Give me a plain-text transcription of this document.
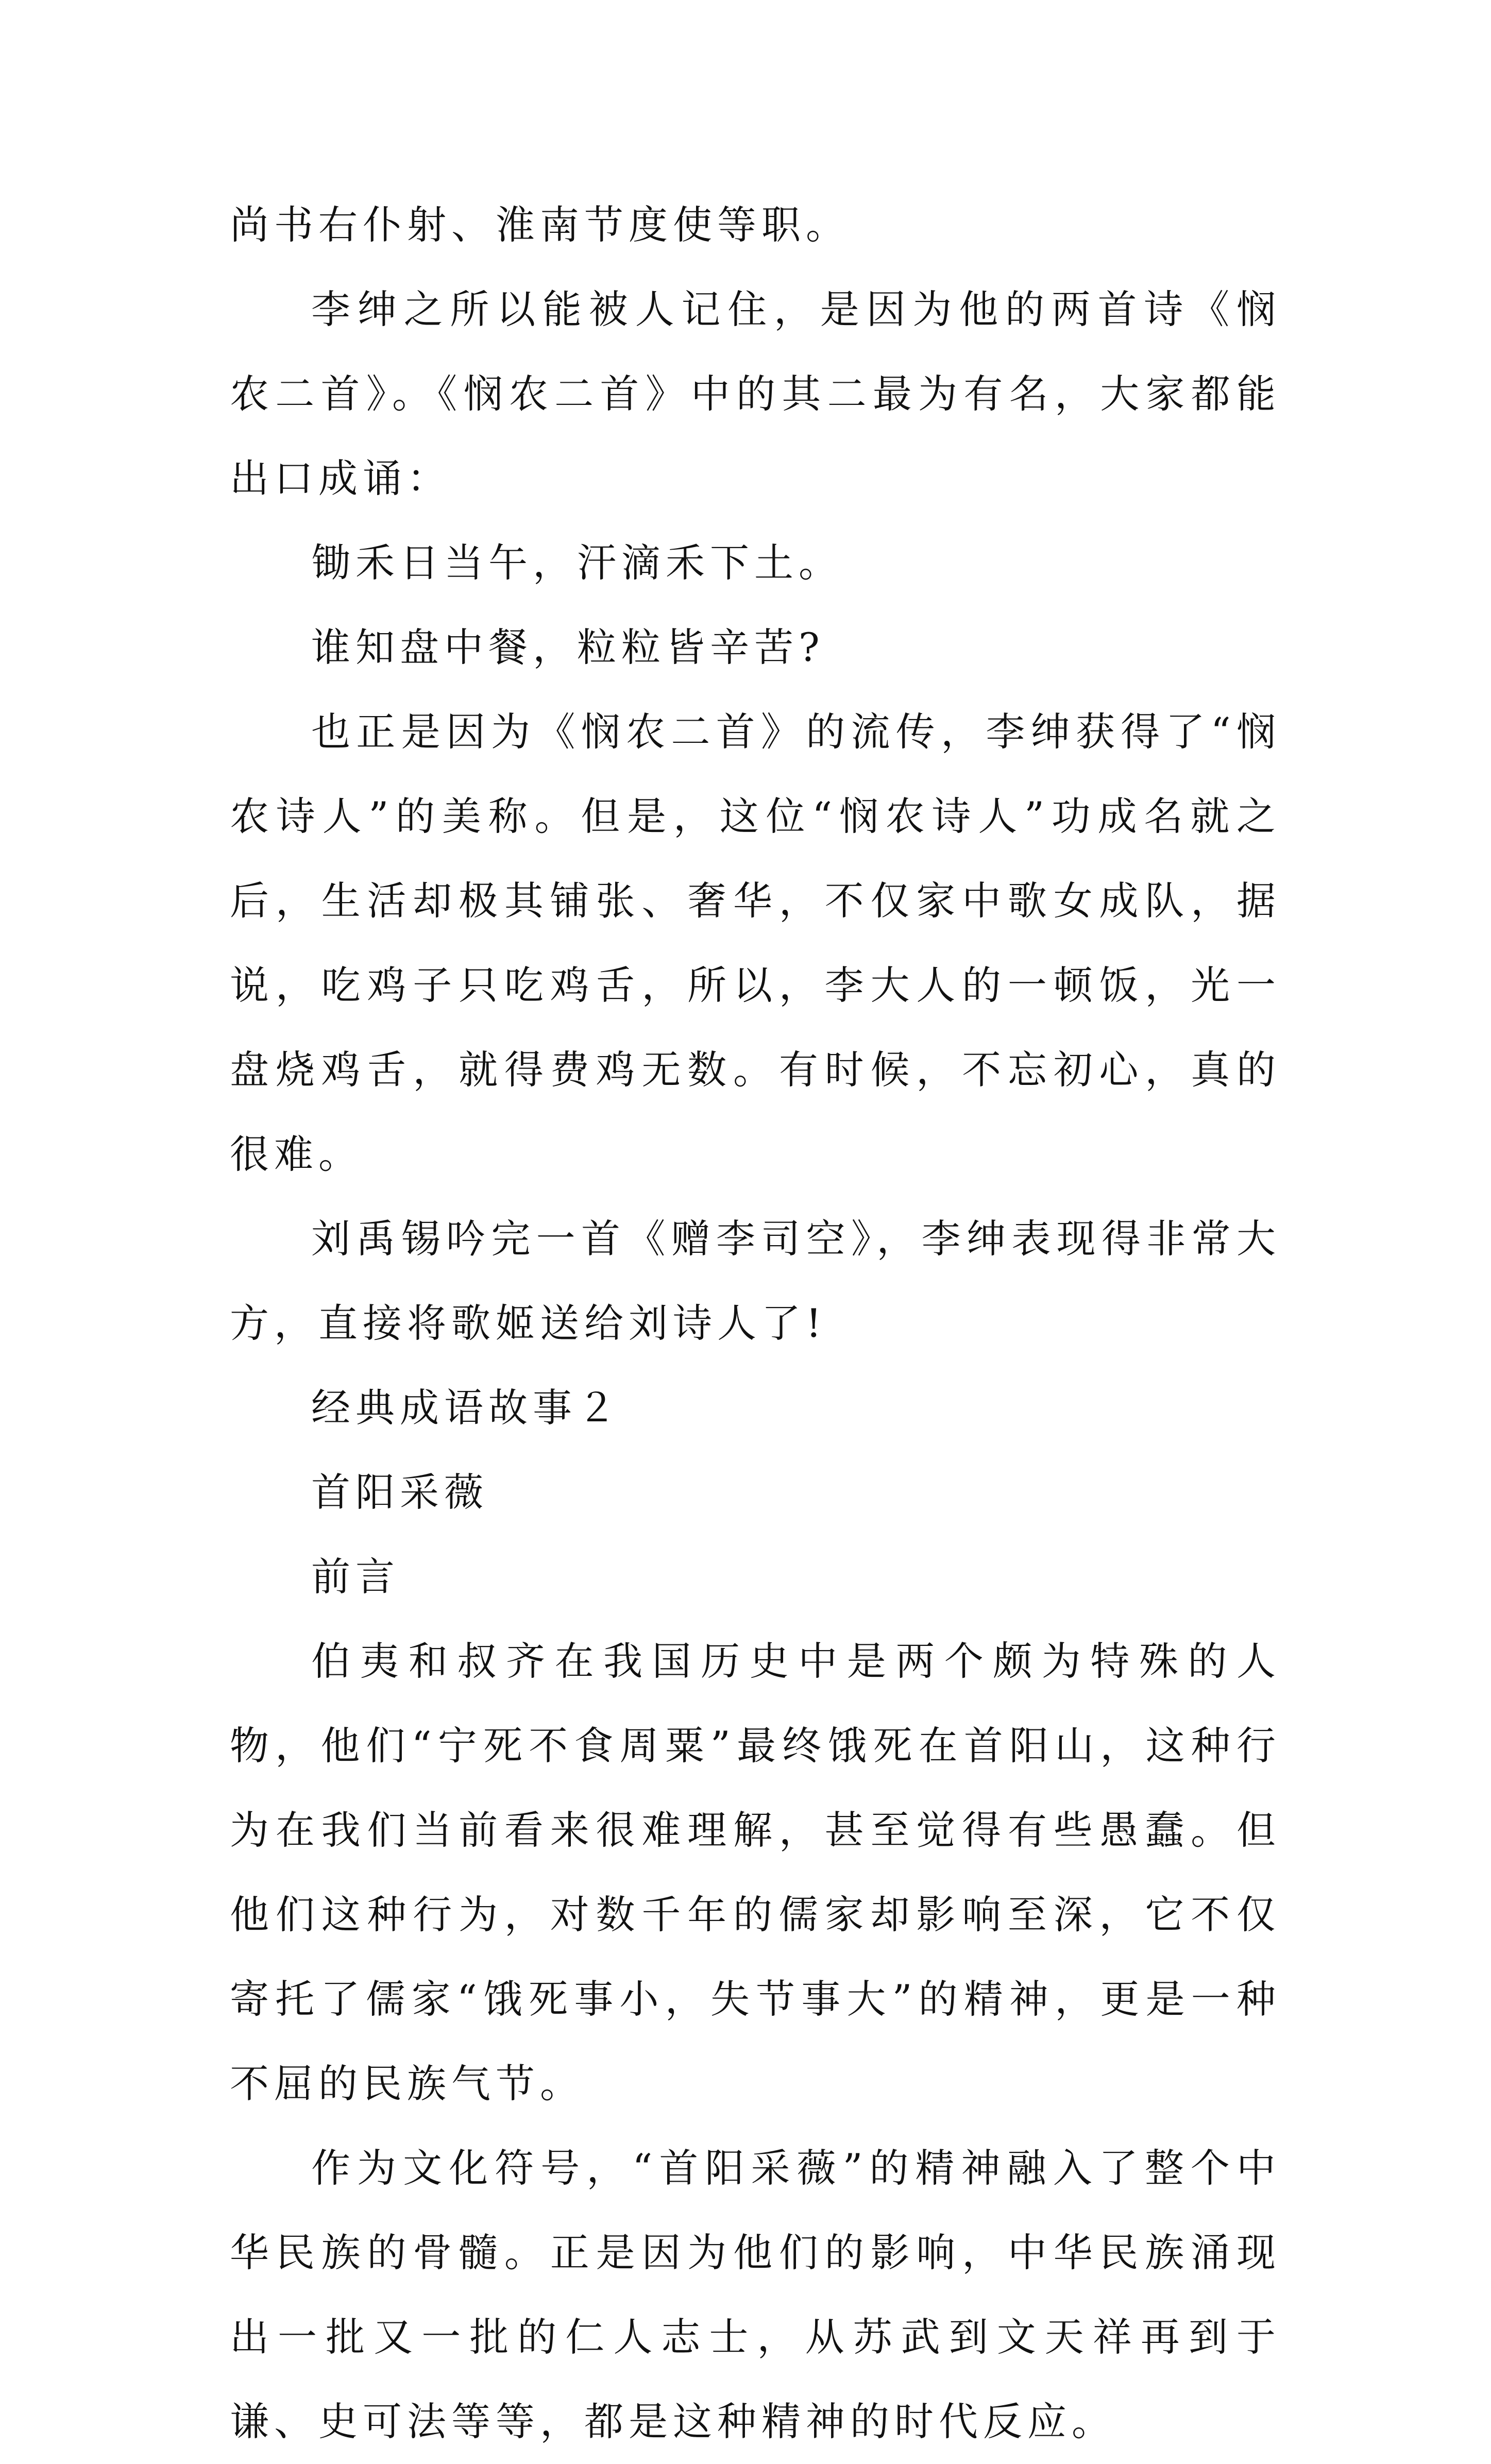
尚书右仆射、淮南节度使等职。

李绅之所以能被人记住，是因为他的两首诗《悯农二首》。《悯农二首》中的其二最为有名，大家都能出口成诵：

锄禾日当午，汗滴禾下土。

谁知盘中餐，粒粒皆辛苦?

也正是因为《悯农二首》的流传，李绅获得了“悯农诗人”的美称。但是，这位“悯农诗人”功成名就之后，生活却极其铺张、奢华，不仅家中歌女成队，据说，吃鸡子只吃鸡舌，所以，李大人的一顿饭，光一盘烧鸡舌，就得费鸡无数。有时候，不忘初心，真的很难。

刘禹锡吟完一首《赠李司空》，李绅表现得非常大方，直接将歌姬送给刘诗人了!

经典成语故事２

首阳采薇

前言

伯夷和叔齐在我国历史中是两个颇为特殊的人物，他们“宁死不食周粟”最终饿死在首阳山，这种行为在我们当前看来很难理解，甚至觉得有些愚蠢。但他们这种行为，对数千年的儒家却影响至深，它不仅寄托了儒家“饿死事小，失节事大”的精神，更是一种不屈的民族气节。

作为文化符号，“首阳采薇”的精神融入了整个中华民族的骨髓。正是因为他们的影响，中华民族涌现出一批又一批的仁人志士，从苏武到文天祥再到于谦、史可法等等，都是这种精神的时代反应。
